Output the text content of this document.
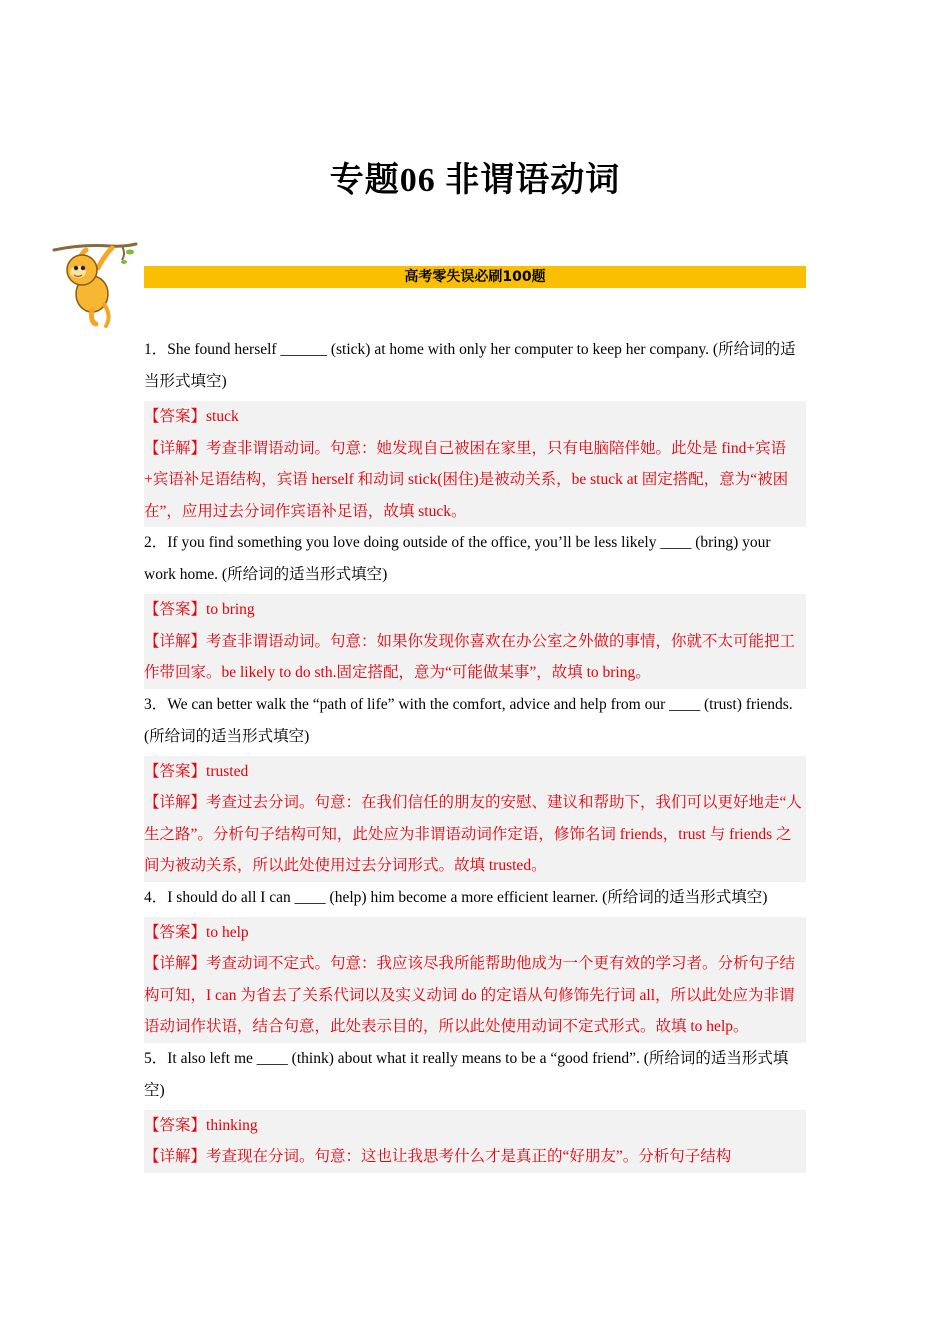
专题06 非谓语动词
高考零失误必刷100题

1．She found herself ______ (stick) at home with only her computer to keep her company. (所给词的适当形式填空)

【答案】stuck
【详解】考查非谓语动词。句意：她发现自己被困在家里，只有电脑陪伴她。此处是 find+宾语+宾语补足语结构，宾语 herself 和动词 stick(困住)是被动关系，be stuck at 固定搭配，意为“被困在”，应用过去分词作宾语补足语，故填 stuck。

2．If you find something you love doing outside of the office, you’ll be less likely ____ (bring) your work home. (所给词的适当形式填空)

【答案】to bring
【详解】考查非谓语动词。句意：如果你发现你喜欢在办公室之外做的事情，你就不太可能把工作带回家。be likely to do sth.固定搭配，意为“可能做某事”，故填 to bring。

3．We can better walk the “path of life” with the comfort, advice and help from our ____ (trust) friends. (所给词的适当形式填空)

【答案】trusted
【详解】考查过去分词。句意：在我们信任的朋友的安慰、建议和帮助下，我们可以更好地走“人生之路”。分析句子结构可知，此处应为非谓语动词作定语，修饰名词 friends，trust 与 friends 之间为被动关系，所以此处使用过去分词形式。故填 trusted。

4．I should do all I can ____ (help) him become a more efficient learner. (所给词的适当形式填空)

【答案】to help
【详解】考查动词不定式。句意：我应该尽我所能帮助他成为一个更有效的学习者。分析句子结构可知，I can 为省去了关系代词以及实义动词 do 的定语从句修饰先行词 all，所以此处应为非谓语动词作状语，结合句意，此处表示目的，所以此处使用动词不定式形式。故填 to help。

5．It also left me ____ (think) about what it really means to be a “good friend”. (所给词的适当形式填空)

【答案】thinking
【详解】考查现在分词。句意：这也让我思考什么才是真正的“好朋友”。分析句子结构
